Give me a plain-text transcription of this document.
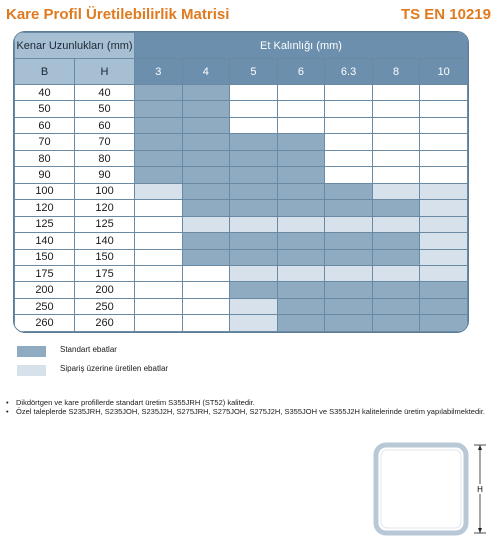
Kare Profil Üretilebilirlik Matrisi	TS EN 10219
Kenar Uzunlukları (mm)		Et Kalınlığı (mm)						
B	H	3	4	5	6	6.3	8	10
40	40							
50	50							
60	60							
70	70							
80	80							
90	90							
100	100							
120	120							
125	125							
140	140							
150	150							
175	175							
200	200							
250	250							
260	260							
Standart ebatlar
Sipariş üzerine üretilen ebatlar
• Dikdörtgen ve kare profillerde standart üretim S355JRH (ST52) kalitedir.
• Özel taleplerde S235JRH, S235JOH, S235J2H, S275JRH, S275JOH, S275J2H, S355JOH ve S355J2H kalitelerinde üretim yapılabilmektedir.
H
